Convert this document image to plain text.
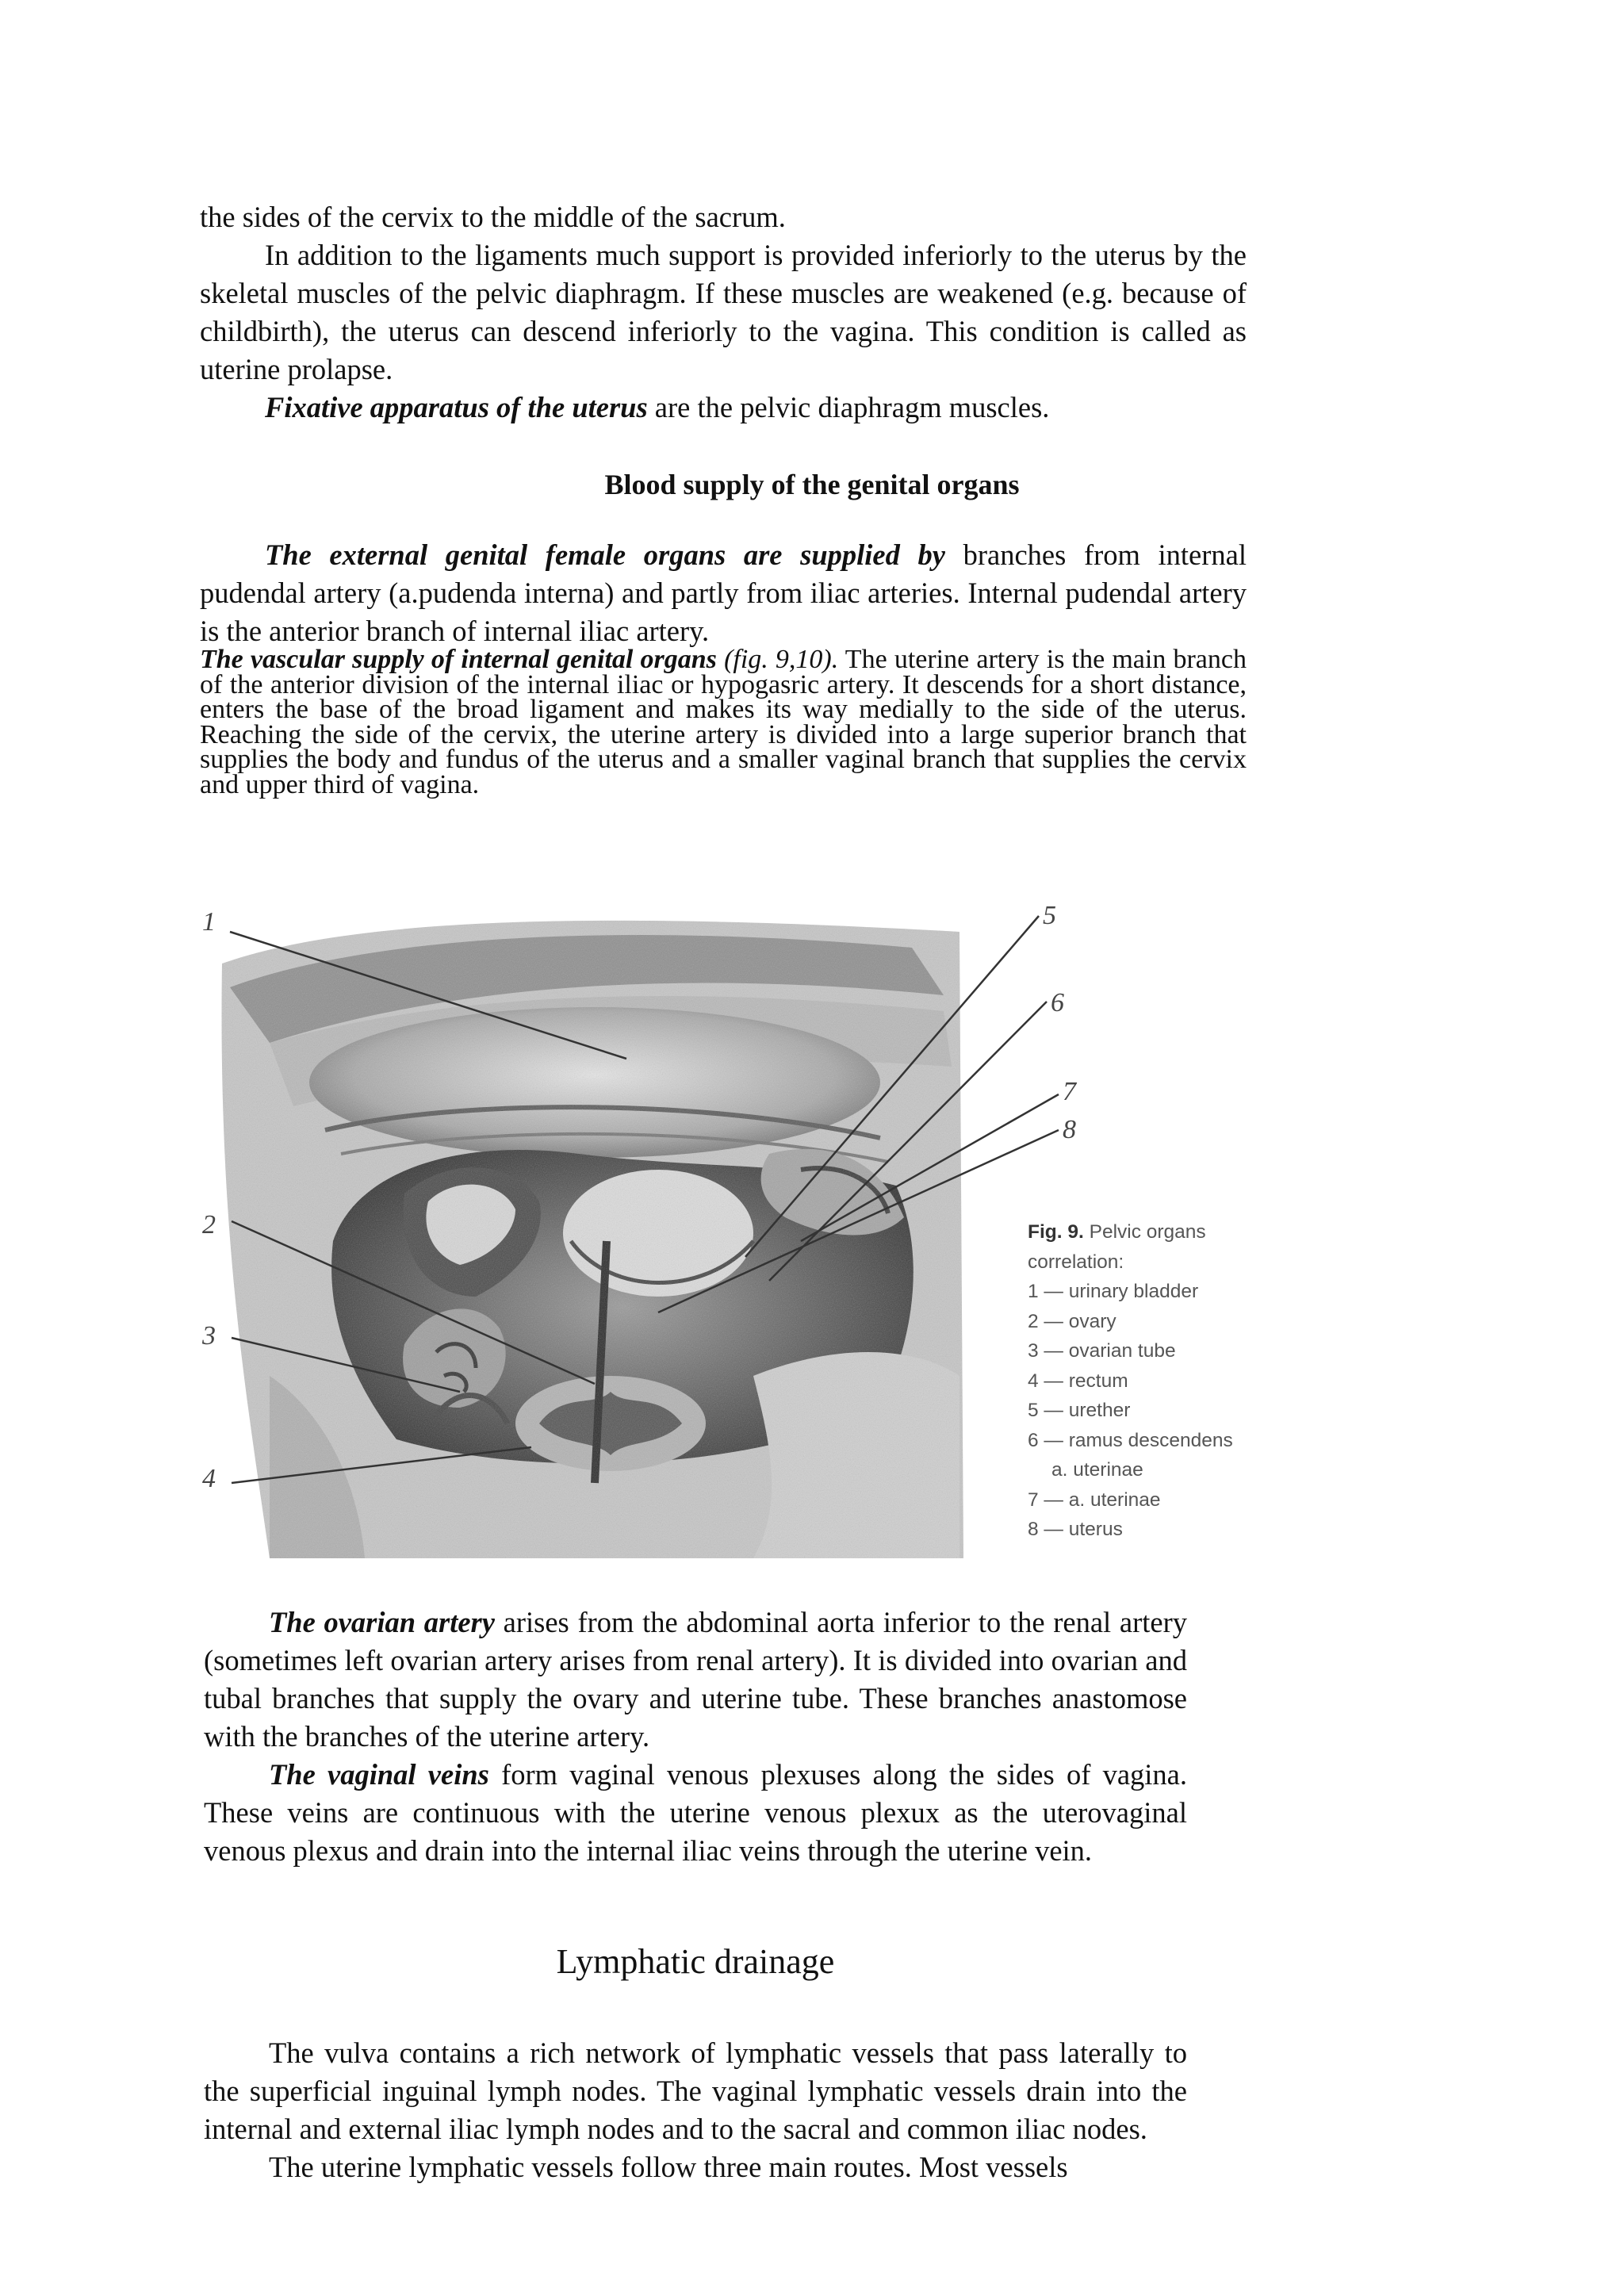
the sides of the cervix to the middle of the sacrum.

In addition to the ligaments much support is provided inferiorly to the uterus by the skeletal muscles of the pelvic diaphragm. If these muscles are weakened (e.g. because of childbirth), the uterus can descend inferiorly to the vagina. This condition is called as uterine prolapse.

Fixative apparatus of the uterus are the pelvic diaphragm muscles.

Blood supply of the genital organs

The external genital female organs are supplied by branches from internal pudendal artery (a.pudenda interna) and partly from iliac arteries. Internal pudendal artery is the anterior branch of internal iliac artery.

The vascular supply of internal genital organs (fig. 9,10). The uterine artery is the main branch of the anterior division of the internal iliac or hypogasric artery. It descends for a short distance, enters the base of the broad ligament and makes its way medially to the side of the uterus. Reaching the side of the cervix, the uterine artery is divided into a large superior branch that supplies the body and fundus of the uterus and a smaller vaginal branch that supplies the cervix and upper third of vagina.

1
2
3
4
5
6
7
8
Fig. 9. Pelvic organs
correlation:
1 — urinary bladder
2 — ovary
3 — ovarian tube
4 — rectum
5 — urether
6 — ramus descendens
a. uterinae
7 — a. uterinae
8 — uterus

The ovarian artery arises from the abdominal aorta inferior to the renal artery (sometimes left ovarian artery arises from renal artery). It is divided into ovarian and tubal branches that supply the ovary and uterine tube. These branches anastomose with the branches of the uterine artery.

The vaginal veins form vaginal venous plexuses along the sides of vagina. These veins are continuous with the uterine venous plexux as the uterovaginal venous plexus and drain into the internal iliac veins through the uterine vein.

Lymphatic drainage

The vulva contains a rich network of lymphatic vessels that pass laterally to the superficial inguinal lymph nodes. The vaginal lymphatic vessels drain into the internal and external iliac lymph nodes and to the sacral and common iliac nodes.

The uterine lymphatic vessels follow three main routes. Most vessels
